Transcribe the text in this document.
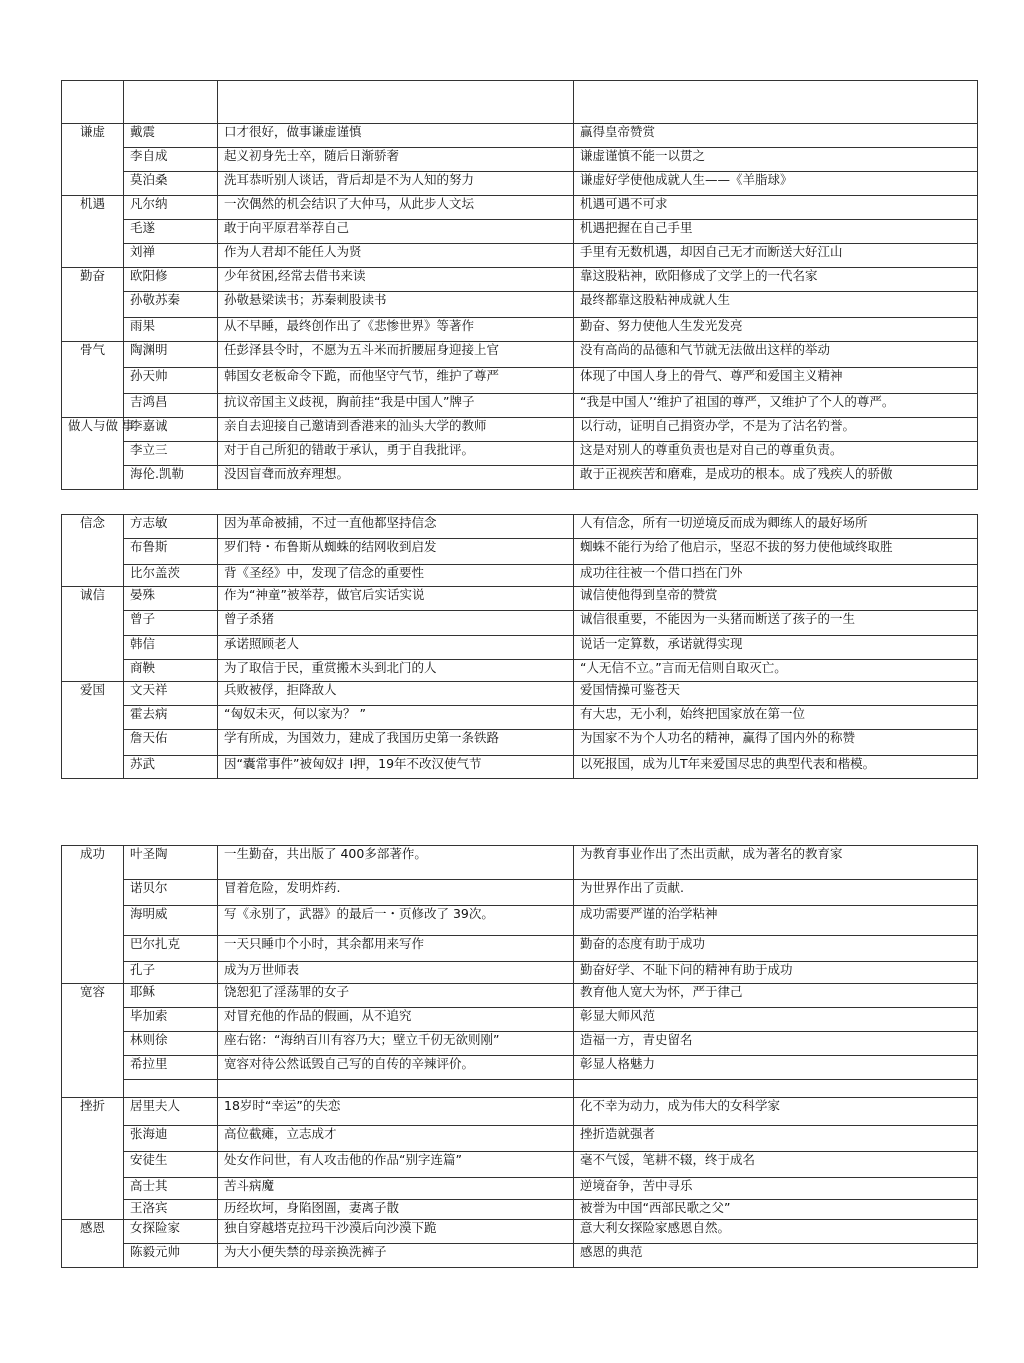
谦虚	戴震	口才很好，做事谦虚谨慎	赢得皇帝赞赏
	李自成	起义初身先士卒，随后日渐骄奢	谦虚谨慎不能一以贯之
	莫泊桑	洗耳恭听别人谈话，背后却是不为人知的努力	谦虚好学使他成就人生——《羊脂球》
机遇	凡尔纳	一次偶然的机会结识了大仲马，从此步人文坛	机遇可遇不可求
	毛遂	敢于向平原君举荐自己	机遇把握在自己手里
	刘禅	作为人君却不能任人为贤	手里有无数机遇，却因自己无才而断送大好江山
勤奋	欧阳修	少年贫困,经常去借书来读	靠这股粘神，欧阳修成了文学上的一代名家
	孙敬苏秦	孙敬悬梁读书；苏秦刺股读书	最终都靠这股粘神成就人生
	雨果	从不早睡，最终创作出了《悲惨世界》等著作	勤奋、努力使他人生发光发亮
骨气	陶渊明	任彭泽县令时，不愿为五斗米而折腰屈身迎接上官	没有高尚的品德和气节就无法做出这样的举动
	孙天帅	韩国女老板命令下跪，而他坚守气节，维护了尊严	体现了中国人身上的骨气、尊严和爱国主义精神
	吉鸿昌	抗议帝国主义歧视，胸前挂“我是中国人”牌子	“我是中国人’‘维护了祖国的尊严，又维护了个人的尊严。
做人与做 事	李嘉诚	亲自去迎接自己邀请到香港来的汕头大学的教师	以行动，证明自己捐资办学，不是为了沽名钓誉。
	李立三	对于自己所犯的错敢于承认，勇于自我批评。	这是对别人的尊重负责也是对自己的尊重负责。
	海伦.凯勒	没因盲聋而放弃理想。	敢于正视疾苦和磨难，是成功的根本。成了残疾人的骄傲
信念	方志敏	因为革命被捕，不过一直他都坚持信念	人有信念，所有一切逆境反而成为卿练人的最好场所
	布鲁斯	罗们特・布鲁斯从蜘蛛的结网收到启发	蜘蛛不能行为给了他启示，坚忍不拔的努力使他域终取胜
	比尔盖茨	背《圣经》中，发现了信念的重要性	成功往往被一个借口挡在门外
诚信	晏殊	作为“神童”被举荐，做官后实话实说	诚信使他得到皇帝的赞赏
	曾子	曾子杀猪	诚信很重要，不能因为一头猪而断送了孩子的一生
	韩信	承诺照顾老人	说话一定算数，承诺就得实现
	商鞅	为了取信于民，重赏搬木头到北门的人	“人无信不立。”言而无信则自取灭亡。
爱国	文天祥	兵败被俘，拒降敌人	爱国情操可鉴苍天
	霍去病	“匈奴未灭，何以家为？ ”	有大忠，无小利，始终把国家放在第一位
	詹天佑	学有所成，为国效力，建成了我国历史第一条铁路	为国家不为个人功名的精神，赢得了国内外的称赞
	苏武	因“囊常事件”被匈奴扌I押，19年不改汉使气节	以死报国，成为儿T年来爱国尽忠的典型代表和楷模。
成功	叶圣陶	一生勤奋，共出版了 400多部著作。	为教育事业作出了杰出贡献，成为著名的教育家
	诺贝尔	冒着危险，发明炸药.	为世界作出了贡献.
	海明威	写《永别了，武器》的最后一・页修改了 39次。	成功需要严谨的治学粘神
	巴尔扎克	一天只睡巾个小时，其余都用来写作	勤奋的态度有助于成功
	孔子	成为万世师表	勤奋好学、不耻下问的精神有助于成功
宽容	耶稣	饶恕犯了淫荡罪的女子	教育他人宽大为怀，严于律己
	毕加索	对冒充他的作品的假画，从不追究	彰显大师风范
	林则徐	座右铭：“海纳百川有容乃大；壁立千仞无欲则刚”	造福一方，青史留名
	希拉里	宽容对待公然诋毁自己写的自传的辛辣评价。	彰显人格魅力

挫折	居里夫人	18岁时“幸运”的失恋	化不幸为动力，成为伟大的女科学家
	张海迪	高位截瘫，立志成才	挫折造就强者
	安徒生	处女作问世，有人攻击他的作品“别字连篇”	毫不气馁，笔耕不辍，终于成名
	高士其	苦斗病魔	逆境奋争，苦中寻乐
	王洛宾	历经坎坷，身陷囹圄，妻离子散	被誉为中国“西部民歌之父”
感恩	女探险家	独自穿越塔克拉玛干沙漠后向沙漠下跪	意大利女探险家感恩自然。
	陈毅元帅	为大小便失禁的母亲换洗裤子	感恩的典范
